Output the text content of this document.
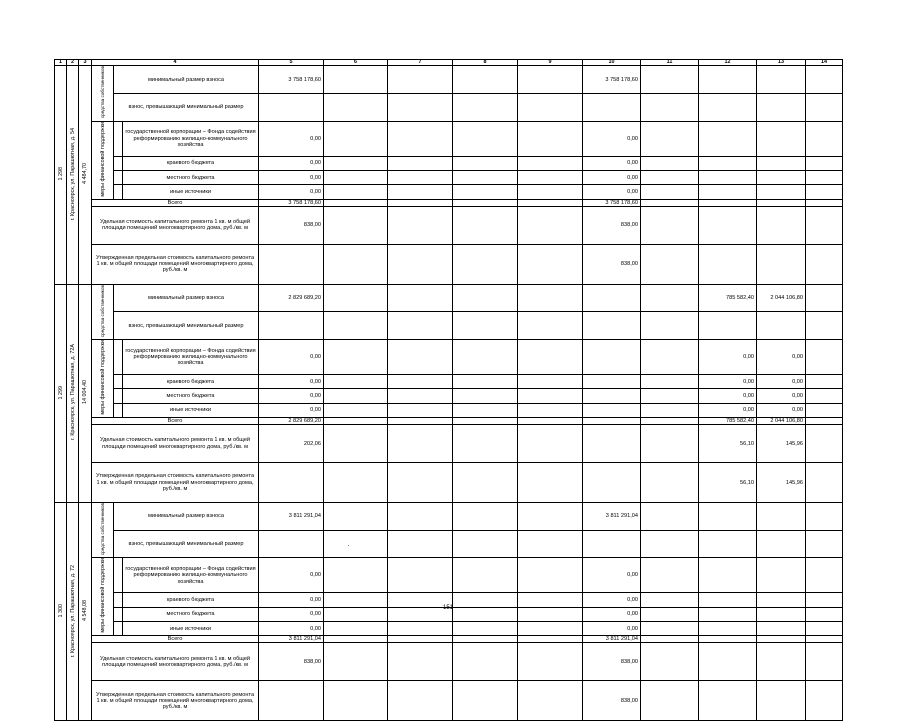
1	2	3	4			5	6	7	8	9	10	11	12	13	14	
1 298	г. Красноярск, ул. Парашютная, д. 54	4 484,70	средства собственников	минимальный размер взноса		3 758 178,60					3 758 178,60					
				взнос, превышающий минимальный размер												
			меры финансовой поддержки		государственной корпорации – Фонда содействия реформированию жилищно-коммунального хозяйства	0,00					0,00					
					краевого бюджета	0,00					0,00					
					местного бюджета	0,00					0,00					
					иные источники	0,00					0,00					
			Всего			3 758 178,60					3 758 178,60					
			Удельная стоимость капитального ремонта 1 кв. м общей площади помещений многоквартирного дома, руб./кв. м			838,00					838,00					
			Утвержденная предельная стоимость капитального ремонта 1 кв. м общей площади помещений многоквартирного дома, руб./кв. м								838,00					
1 299	г. Красноярск, ул. Парашютная, д. 72А	14 004,40	средства собственников	минимальный размер взноса		2 829 689,20							785 582,40	2 044 106,80		
				взнос, превышающий минимальный размер												
			меры финансовой поддержки		государственной корпорации – Фонда содействия реформированию жилищно-коммунального хозяйства	0,00							0,00	0,00		
					краевого бюджета	0,00							0,00	0,00		
					местного бюджета	0,00							0,00	0,00		
					иные источники	0,00							0,00	0,00		
			Всего			2 829 689,20							785 582,40	2 044 106,80		
			Удельная стоимость капитального ремонта 1 кв. м общей площади помещений многоквартирного дома, руб./кв. м			202,06							56,10	145,96		
			Утвержденная предельная стоимость капитального ремонта 1 кв. м общей площади помещений многоквартирного дома, руб./кв. м										56,10	145,96		
1 300	г. Красноярск, ул. Парашютная, д. 72	4 548,08	средства собственников	минимальный размер взноса		3 811 291,04					3 811 291,04					
				взнос, превышающий минимальный размер												
			меры финансовой поддержки		государственной корпорации – Фонда содействия реформированию жилищно-коммунального хозяйства	0,00					0,00					
					краевого бюджета	0,00					0,00					
					местного бюджета	0,00					0,00					
					иные источники	0,00					0,00					
			Всего			3 811 291,04					3 811 291,04					
			Удельная стоимость капитального ремонта 1 кв. м общей площади помещений многоквартирного дома, руб./кв. м			838,00					838,00					
			Утвержденная предельная стоимость капитального ремонта 1 кв. м общей площади помещений многоквартирного дома, руб./кв. м								838,00					
151
